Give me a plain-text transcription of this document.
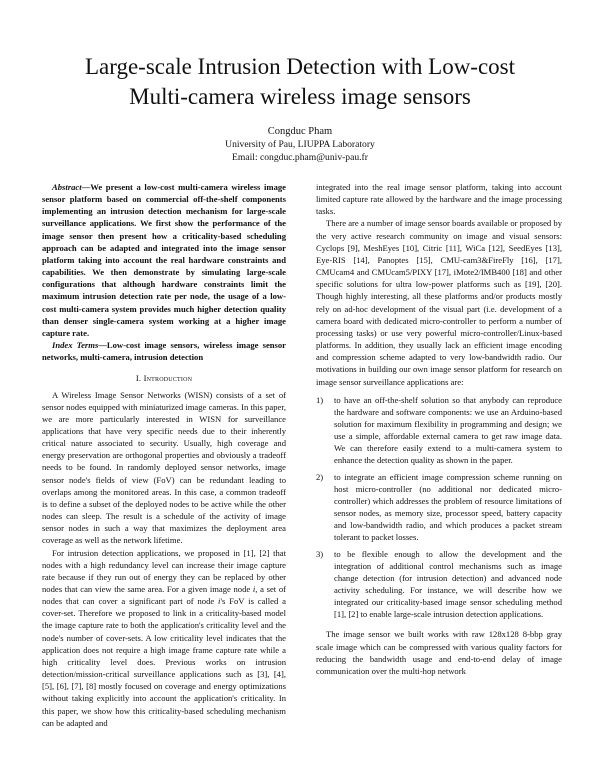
Large-scale Intrusion Detection with Low-cost
Multi-camera wireless image sensors
Congduc Pham
University of Pau, LIUPPA Laboratory
Email: congduc.pham@univ-pau.fr

Abstract—We present a low-cost multi-camera wireless image sensor platform based on commercial off-the-shelf components implementing an intrusion detection mechanism for large-scale surveillance applications. We first show the performance of the image sensor then present how a criticality-based scheduling approach can be adapted and integrated into the image sensor platform taking into account the real hardware constraints and capabilities. We then demonstrate by simulating large-scale configurations that although hardware constraints limit the maximum intrusion detection rate per node, the usage of a low-cost multi-camera system provides much higher detection quality than denser single-camera system working at a higher image capture rate.

Index Terms—Low-cost image sensors, wireless image sensor networks, multi-camera, intrusion detection

I. Introduction

A Wireless Image Sensor Networks (WISN) consists of a set of sensor nodes equipped with miniaturized image cameras. In this paper, we are more particularly interested in WISN for surveillance applications that have very specific needs due to their inherently critical nature associated to security. Usually, high coverage and energy preservation are orthogonal properties and obviously a tradeoff needs to be found. In randomly deployed sensor networks, image sensor node's fields of view (FoV) can be redundant leading to overlaps among the monitored areas. In this case, a common tradeoff is to define a subset of the deployed nodes to be active while the other nodes can sleep. The result is a schedule of the activity of image sensor nodes in such a way that maximizes the deployment area coverage as well as the network lifetime.

For intrusion detection applications, we proposed in [1], [2] that nodes with a high redundancy level can increase their image capture rate because if they run out of energy they can be replaced by other nodes that can view the same area. For a given image node i, a set of nodes that can cover a significant part of node i's FoV is called a cover-set. Therefore we proposed to link in a criticality-based model the image capture rate to both the application's criticality level and the node's number of cover-sets. A low criticality level indicates that the application does not require a high image frame capture rate while a high criticality level does. Previous works on intrusion detection/mission-critical surveillance applications such as [3], [4], [5], [6], [7], [8] mostly focused on coverage and energy optimizations without taking explicitly into account the application's criticality. In this paper, we show how this criticality-based scheduling mechanism can be adapted and

integrated into the real image sensor platform, taking into account limited capture rate allowed by the hardware and the image processing tasks.

There are a number of image sensor boards available or proposed by the very active research community on image and visual sensors: Cyclops [9], MeshEyes [10], Citric [11], WiCa [12], SeedEyes [13], Eye-RIS [14], Panoptes [15], CMU-cam3&FireFly [16], [17], CMUcam4 and CMUcam5/PIXY [17], iMote2/IMB400 [18] and other specific solutions for ultra low-power platforms such as [19], [20]. Though highly interesting, all these platforms and/or products mostly rely on ad-hoc development of the visual part (i.e. development of a camera board with dedicated micro-controller to perform a number of processing tasks) or use very powerful micro-controller/Linux-based platforms. In addition, they usually lack an efficient image encoding and compression scheme adapted to very low-bandwidth radio. Our motivations in building our own image sensor platform for research on image sensor surveillance applications are:

1) to have an off-the-shelf solution so that anybody can reproduce the hardware and software components: we use an Arduino-based solution for maximum flexibility in programming and design; we use a simple, affordable external camera to get raw image data. We can therefore easily extend to a multi-camera system to enhance the detection quality as shown in the paper.
2) to integrate an efficient image compression scheme running on host micro-controller (no additional nor dedicated micro-controller) which addresses the problem of resource limitations of sensor nodes, as memory size, processor speed, battery capacity and low-bandwidth radio, and which produces a packet stream tolerant to packet losses.
3) to be flexible enough to allow the development and the integration of additional control mechanisms such as image change detection (for intrusion detection) and advanced node activity scheduling. For instance, we will describe how we integrated our criticality-based image sensor scheduling method [1], [2] to enable large-scale intrusion detection applications.

The image sensor we built works with raw 128x128 8-bbp gray scale image which can be compressed with various quality factors for reducing the bandwidth usage and end-to-end delay of image communication over the multi-hop network
